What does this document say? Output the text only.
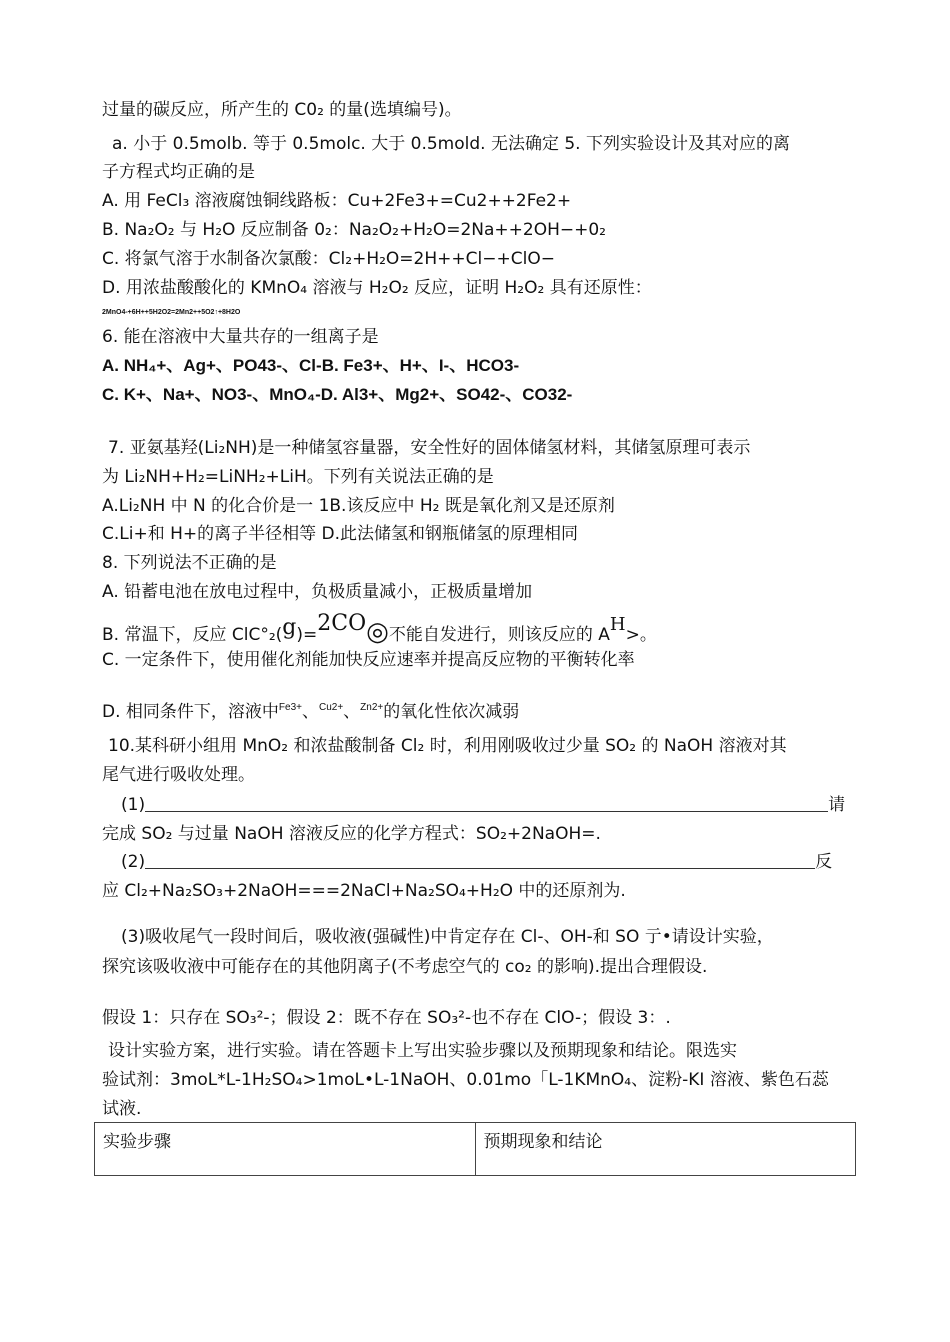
过量的碳反应，所产生的 C0₂ 的量(选填编号)。
a. 小于 0.5molb. 等于 0.5molc. 大于 0.5mold. 无法确定 5. 下列实验设计及其对应的离
子方程式均正确的是
A. 用 FeCl₃ 溶液腐蚀铜线路板：Cu+2Fe3+=Cu2++2Fe2+
B. Na₂O₂ 与 H₂O 反应制备 0₂：Na₂O₂+H₂O=2Na++2OH−+0₂
C. 将氯气溶于水制备次氯酸：Cl₂+H₂O=2H++Cl−+ClO−
D. 用浓盐酸酸化的 KMnO₄ 溶液与 H₂O₂ 反应，证明 H₂O₂ 具有还原性：
2MnO4-+6H++5H2O2=2Mn2++5O2↑+8H2O
6. 能在溶液中大量共存的一组离子是
A. NH₄+、Ag+、PO43-、Cl-B. Fe3+、H+、I-、HCO3-
C. K+、Na+、NO3-、MnO₄-D. Al3+、Mg2+、SO42-、CO32-
7. 亚氨基羟(Li₂NH)是一种储氢容量器，安全性好的固体储氢材料，其储氢原理可表示
为 Li₂NH+H₂=LiNH₂+LiH。下列有关说法正确的是
A.Li₂NH 中 N 的化合价是一 1B.该反应中 H₂ 既是氧化剂又是还原剂
C.Li+和 H+的离子半径相等 D.此法储氢和钢瓶储氢的原理相同
8. 下列说法不正确的是
A. 铅蓄电池在放电过程中，负极质量减小，正极质量增加
B. 常温下，反应 ClC°₂(g)=2CO◎不能自发进行，则该反应的 AH>。
C. 一定条件下，使用催化剂能加快反应速率并提高反应物的平衡转化率
D. 相同条件下，溶液中$^{Fe3+}$、$^{Cu2+}$、$^{Zn2+}$的氧化性依次减弱
10.某科研小组用 MnO₂ 和浓盐酸制备 Cl₂ 时，利用刚吸收过少量 SO₂ 的 NaOH 溶液对其
尾气进行吸收处理。
(1)	请
完成 SO₂ 与过量 NaOH 溶液反应的化学方程式：SO₂+2NaOH=.
(2)	反
应 Cl₂+Na₂SO₃+2NaOH===2NaCl+Na₂SO₄+H₂O 中的还原剂为.
(3)吸收尾气一段时间后，吸收液(强碱性)中肯定存在 Cl-、OH-和 SO 亍•请设计实验，
探究该吸收液中可能存在的其他阴离子(不考虑空气的 co₂ 的影响).提出合理假设.
假设 1：只存在 SO₃²-；假设 2：既不存在 SO₃²-也不存在 ClO-；假设 3：.
设计实验方案，进行实验。请在答题卡上写出实验步骤以及预期现象和结论。限选实
验试剂：3moL*L-1H₂SO₄>1moL•L-1NaOH、0.01mo「L-1KMnO₄、淀粉-KI 溶液、紫色石蕊
试液.
实验步骤	预期现象和结论
